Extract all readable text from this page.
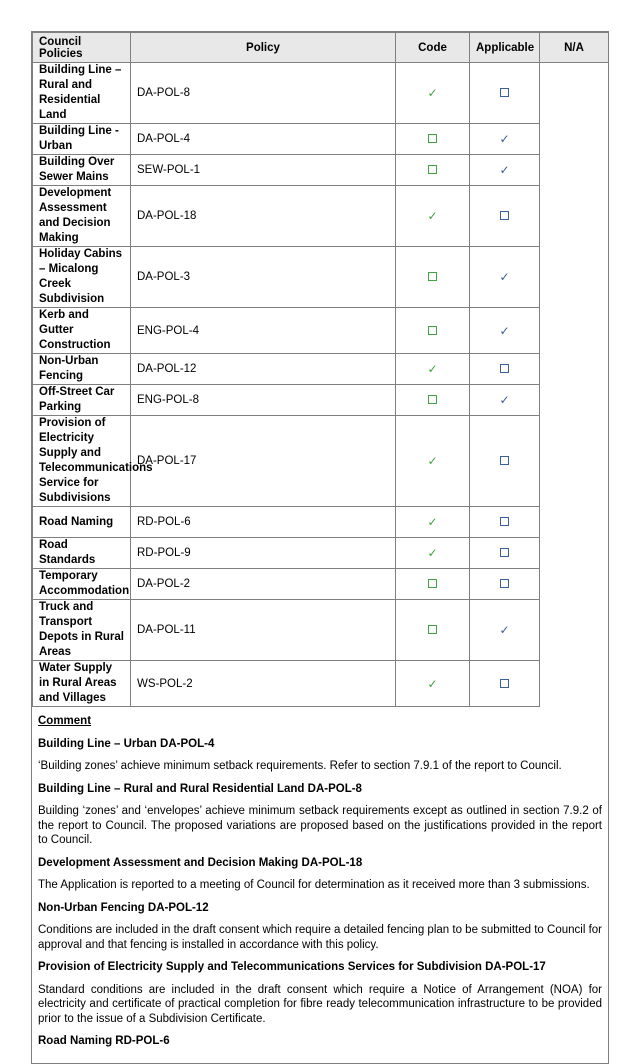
Council Policies	Policy	Code	Applicable	N/A
Building Line – Rural and Residential Land	DA-POL-8	✓		
Building Line - Urban	DA-POL-4		✓	
Building Over Sewer Mains	SEW-POL-1		✓	
Development Assessment and Decision Making	DA-POL-18	✓		
Holiday Cabins – Micalong Creek Subdivision	DA-POL-3		✓	
Kerb and Gutter Construction	ENG-POL-4		✓	
Non-Urban Fencing	DA-POL-12	✓		
Off-Street Car Parking	ENG-POL-8		✓	
Provision of Electricity Supply and Telecommunications Service for Subdivisions	DA-POL-17	✓		
Road Naming	RD-POL-6	✓		
Road Standards	RD-POL-9	✓		
Temporary Accommodation	DA-POL-2			
Truck and Transport Depots in Rural Areas	DA-POL-11		✓	
Water Supply in Rural Areas and Villages	WS-POL-2	✓		
Comment
Building Line – Urban DA-POL-4
‘Building zones’ achieve minimum setback requirements. Refer to section 7.9.1 of the report to Council.
Building Line – Rural and Rural Residential Land DA-POL-8
Building ‘zones’ and ‘envelopes’ achieve minimum setback requirements except as outlined in section 7.9.2 of the report to Council. The proposed variations are proposed based on the justifications provided in the report to Council.
Development Assessment and Decision Making DA-POL-18
The Application is reported to a meeting of Council for determination as it received more than 3 submissions.
Non-Urban Fencing DA-POL-12
Conditions are included in the draft consent which require a detailed fencing plan to be submitted to Council for approval and that fencing is installed in accordance with this policy.
Provision of Electricity Supply and Telecommunications Services for Subdivision DA-POL-17
Standard conditions are included in the draft consent which require a Notice of Arrangement (NOA) for electricity and certificate of practical completion for fibre ready telecommunication infrastructure to be provided prior to the issue of a Subdivision Certificate.
Road Naming RD-POL-6
